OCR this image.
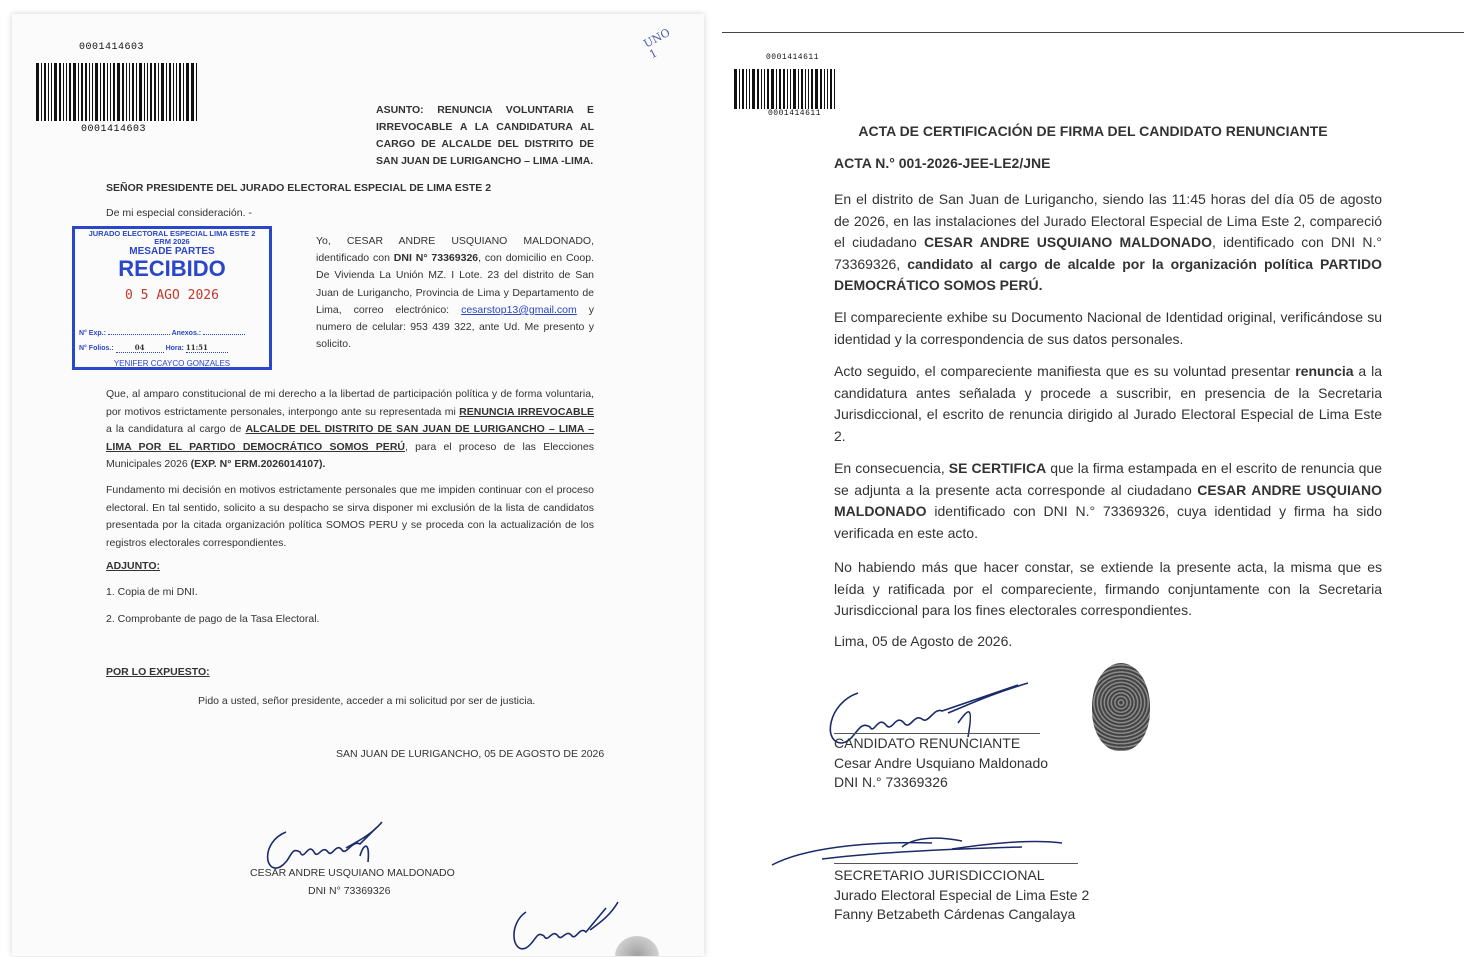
0001414603
0001414603
UNO
1
ASUNTO: RENUNCIA VOLUNTARIA E IRREVOCABLE A LA CANDIDATURA AL CARGO DE ALCALDE DEL DISTRITO DE SAN JUAN DE LURIGANCHO – LIMA -LIMA.
SEÑOR PRESIDENTE DEL JURADO ELECTORAL ESPECIAL DE LIMA ESTE 2
De mi especial consideración. -
JURADO ELECTORAL ESPECIAL LIMA ESTE 2
ERM 2026
MESADE PARTES
RECIBIDO
0 5 AGO 2026
N° Exp.:	Anexos.:
N° Folios.:	04	Hora: 11:51
YENIFER CCAYCO GONZALES
Yo, CESAR ANDRE USQUIANO MALDONADO, identificado con DNI N° 73369326, con domicilio en Coop. De Vivienda La Unión MZ. I Lote. 23 del distrito de San Juan de Lurigancho, Provincia de Lima y Departamento de Lima, correo electrónico: cesarstop13@gmail.com y numero de celular: 953 439 322, ante Ud. Me presento y solicito.
Que, al amparo constitucional de mi derecho a la libertad de participación política y de forma voluntaria, por motivos estrictamente personales, interpongo ante su representada mi RENUNCIA IRREVOCABLE a la candidatura al cargo de ALCALDE DEL DISTRITO DE SAN JUAN DE LURIGANCHO – LIMA – LIMA POR EL PARTIDO DEMOCRÁTICO SOMOS PERÚ, para el proceso de las Elecciones Municipales 2026 (EXP. N° ERM.2026014107).
Fundamento mi decisión en motivos estrictamente personales que me impiden continuar con el proceso electoral. En tal sentido, solicito a su despacho se sirva disponer mi exclusión de la lista de candidatos presentada por la citada organización política SOMOS PERU y se proceda con la actualización de los registros electorales correspondientes.
ADJUNTO:
1. Copia de mi DNI.
2. Comprobante de pago de la Tasa Electoral.
POR LO EXPUESTO:
Pido a usted, señor presidente, acceder a mi solicitud por ser de justicia.
SAN JUAN DE LURIGANCHO, 05 DE AGOSTO DE 2026
CESAR ANDRE USQUIANO MALDONADO
DNI N° 73369326
0001414611
0001414611
ACTA DE CERTIFICACIÓN DE FIRMA DEL CANDIDATO RENUNCIANTE
ACTA N.° 001-2026-JEE-LE2/JNE
En el distrito de San Juan de Lurigancho, siendo las 11:45 horas del día 05 de agosto de 2026, en las instalaciones del Jurado Electoral Especial de Lima Este 2, compareció el ciudadano CESAR ANDRE USQUIANO MALDONADO, identificado con DNI N.° 73369326, candidato al cargo de alcalde por la organización política PARTIDO DEMOCRÁTICO SOMOS PERÚ.
El compareciente exhibe su Documento Nacional de Identidad original, verificándose su identidad y la correspondencia de sus datos personales.
Acto seguido, el compareciente manifiesta que es su voluntad presentar renuncia a la candidatura antes señalada y procede a suscribir, en presencia de la Secretaria Jurisdiccional, el escrito de renuncia dirigido al Jurado Electoral Especial de Lima Este 2.
En consecuencia, SE CERTIFICA que la firma estampada en el escrito de renuncia que se adjunta a la presente acta corresponde al ciudadano CESAR ANDRE USQUIANO MALDONADO identificado con DNI N.° 73369326, cuya identidad y firma ha sido verificada en este acto.
No habiendo más que hacer constar, se extiende la presente acta, la misma que es leída y ratificada por el compareciente, firmando conjuntamente con la Secretaria Jurisdiccional para los fines electorales correspondientes.
Lima, 05 de Agosto de 2026.
CANDIDATO RENUNCIANTE
Cesar Andre Usquiano Maldonado
DNI N.° 73369326
SECRETARIO JURISDICCIONAL
Jurado Electoral Especial de Lima Este 2
Fanny Betzabeth Cárdenas Cangalaya
